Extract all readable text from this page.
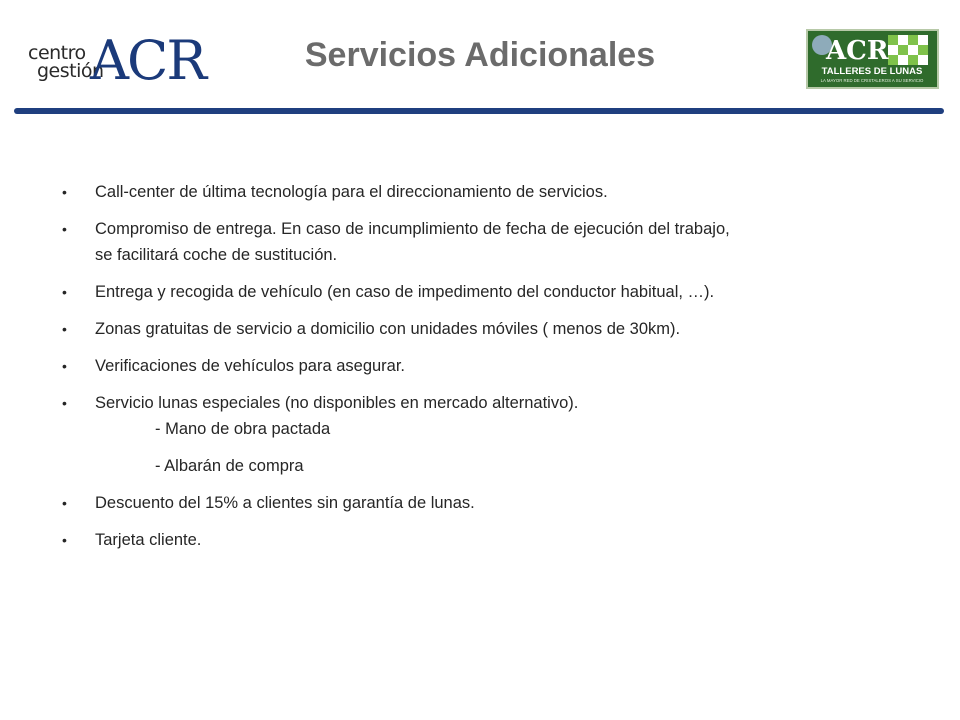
centro
gestión
ACR	Servicios Adicionales	ACR
TALLERES DE LUNAS
LA MAYOR RED DE CRISTALEROS A SU SERVICIO
• Call-center de última tecnología para el direccionamiento de servicios.
• Compromiso de entrega. En caso de incumplimiento de fecha de ejecución del trabajo,
se facilitará coche de sustitución.
• Entrega y recogida de vehículo (en caso de impedimento del conductor habitual, …).
• Zonas gratuitas de servicio a domicilio con unidades móviles ( menos de 30km).
• Verificaciones de vehículos para asegurar.
• Servicio lunas especiales (no disponibles en mercado alternativo).
- Mano de obra pactada
- Albarán de compra
• Descuento del 15% a clientes sin garantía de lunas.
• Tarjeta cliente.
